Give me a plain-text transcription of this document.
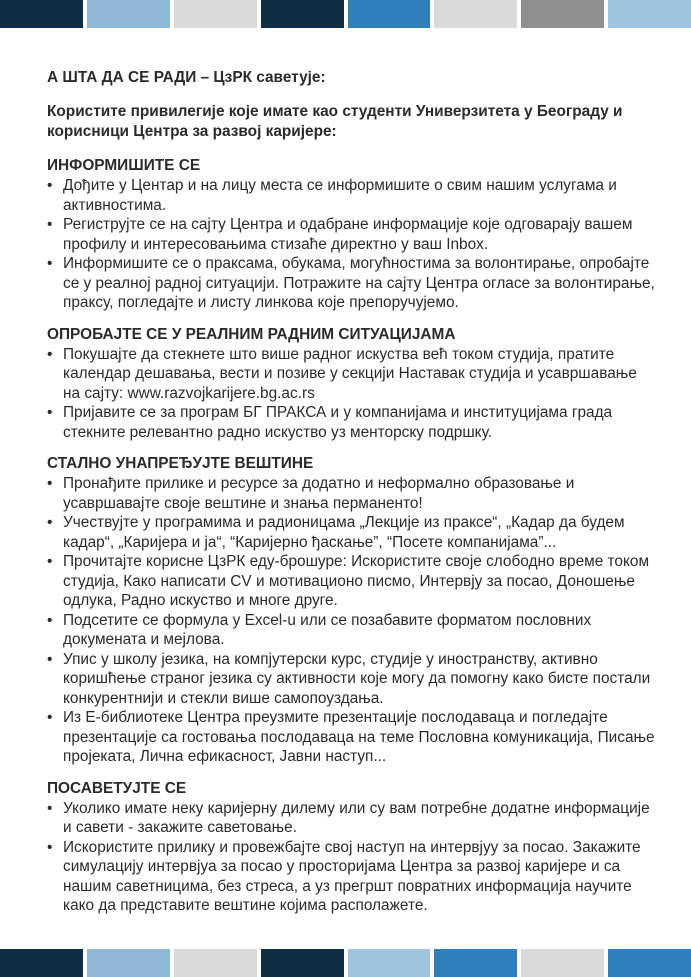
А ШТА ДА СЕ РАДИ – ЦзРК саветује:
Користите привилегије које имате као студенти Универзитета у Београду и корисници Центра за развој каријере:
ИНФОРМИШИТЕ СЕ
• Дођите у Центар и на лицу места се информишите о свим нашим услугама и активностима.
• Региструјте се на сајту Центра и одабране информације које одговарају вашем профилу и интересовањима стизаће директно у ваш Inbox.
• Информишите се о праксама, обукама, могућностима за волонтирање, опробајте се у реалној радној ситуацији. Потражите на сајту Центра огласе за волонтирање, праксу, погледајте и листу линкова које препоручујемо.
ОПРОБАЈТЕ СЕ У РЕАЛНИМ РАДНИМ СИТУАЦИЈАМА
• Покушајте да стекнете што више радног искуства већ током студија, пратите календар дешавања, вести и позиве у секцији Наставак студија и усавршавање на сајту: www.razvojkarijere.bg.ac.rs
• Пријавите се за програм БГ ПРАКСА и у компанијама и институцијама града стекните релевантно радно искуство уз менторску подршку.
СТАЛНО УНАПРЕЂУЈТЕ ВЕШТИНЕ
• Пронађите прилике и ресурсе за додатно и неформално образовање и усавршавајте своје вештине и знања перманенто!
• Учествујте у програмима и радионицама „Лекције из праксе“, „Кадар да будем кадар“, „Каријера и ја“, “Каријерно ђаскање”, “Посете компанијама”...
• Прочитајте корисне ЦзРК еду-брошуре: Искористите своје слободно време током студија, Како написати CV и мотивационо писмо, Интервју за посао, Доношење одлука, Радно искуство и многе друге.
• Подсетите се формула у Excel-u или се позабавите форматом пословних докумената и мејлова.
• Упис у школу језика, на компјутерски курс, студије у иностранству, активно коришћење страног језика су активности које могу да помогну како бисте постали конкурентнији и стекли више самопоуздања.
• Из Е-библиотеке Центра преузмите презентације послодаваца и погледајте презентације са гостовања послодаваца на теме Пословна комуникација, Писање пројеката, Лична ефикасност, Јавни наступ...
ПОСАВЕТУЈТЕ СЕ
• Уколико имате неку каријерну дилему или су вам потребне додатне информације и савети - закажите саветовање.
• Искористите прилику и провежбајте свој наступ на интервјуу за посао. Закажите симулацију интервјуа за посао у просторијама Центра за развој каријере и са нашим саветницима, без стреса, а уз прегршт повратних информација научите како да представите вештине којима располажете.
